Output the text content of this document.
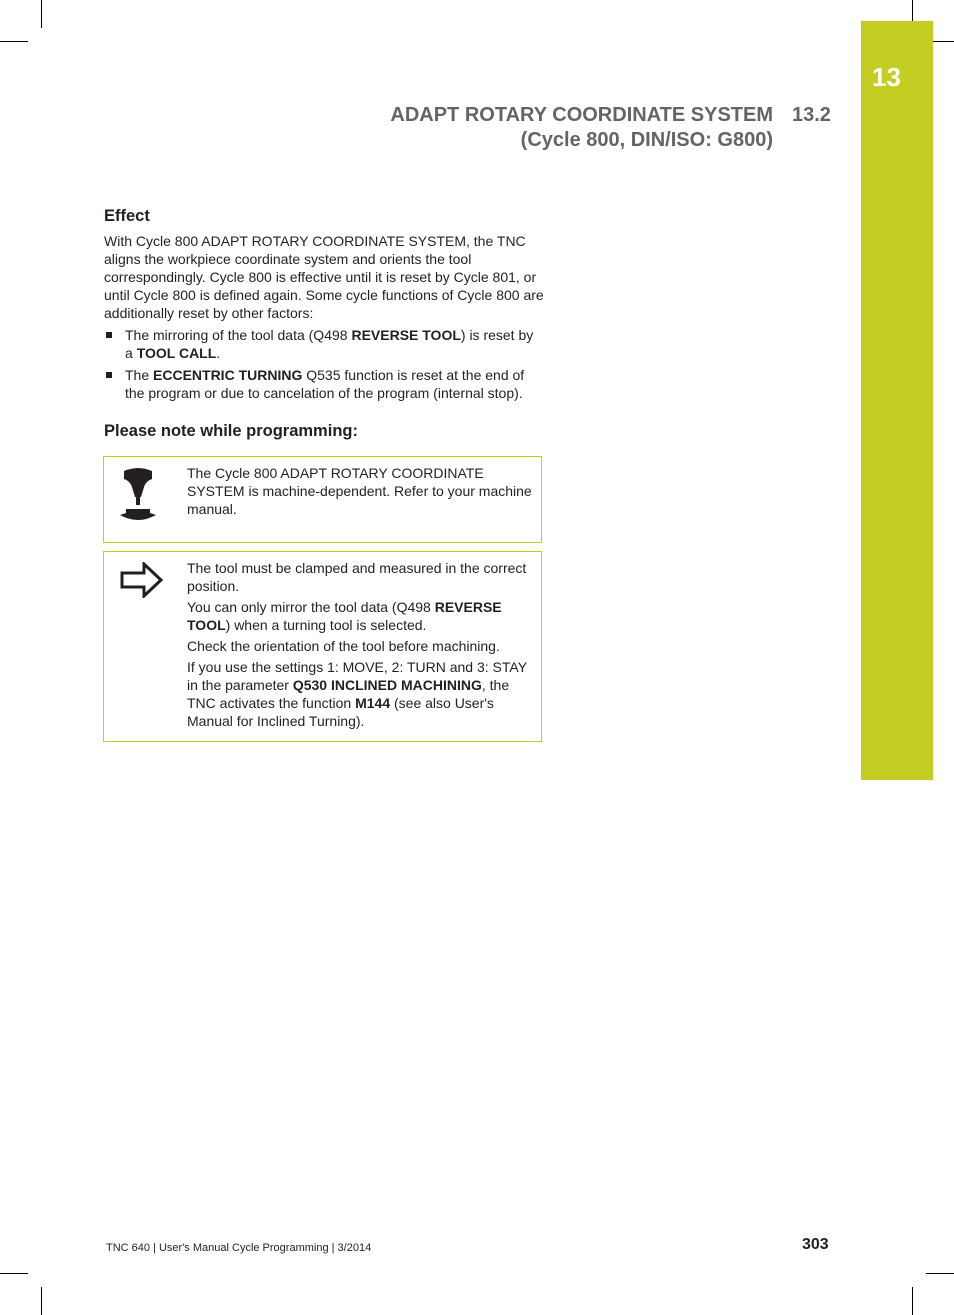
13
ADAPT ROTARY COORDINATE SYSTEM
(Cycle 800, DIN/ISO: G800)
13.2
Effect
With Cycle 800 ADAPT ROTARY COORDINATE SYSTEM, the TNC aligns the workpiece coordinate system and orients the tool correspondingly. Cycle 800 is effective until it is reset by Cycle 801, or until Cycle 800 is defined again. Some cycle functions of Cycle 800 are additionally reset by other factors:
The mirroring of the tool data (Q498 REVERSE TOOL) is reset by a TOOL CALL.
The ECCENTRIC TURNING Q535 function is reset at the end of the program or due to cancelation of the program (internal stop).
Please note while programming:
The Cycle 800 ADAPT ROTARY COORDINATE SYSTEM is machine-dependent. Refer to your machine manual.

The tool must be clamped and measured in the correct position.

You can only mirror the tool data (Q498 REVERSE TOOL) when a turning tool is selected.

Check the orientation of the tool before machining.

If you use the settings 1: MOVE, 2: TURN and 3: STAY in the parameter Q530 INCLINED MACHINING, the TNC activates the function M144 (see also User's Manual for Inclined Turning).

TNC 640 | User's Manual Cycle Programming | 3/2014	303
